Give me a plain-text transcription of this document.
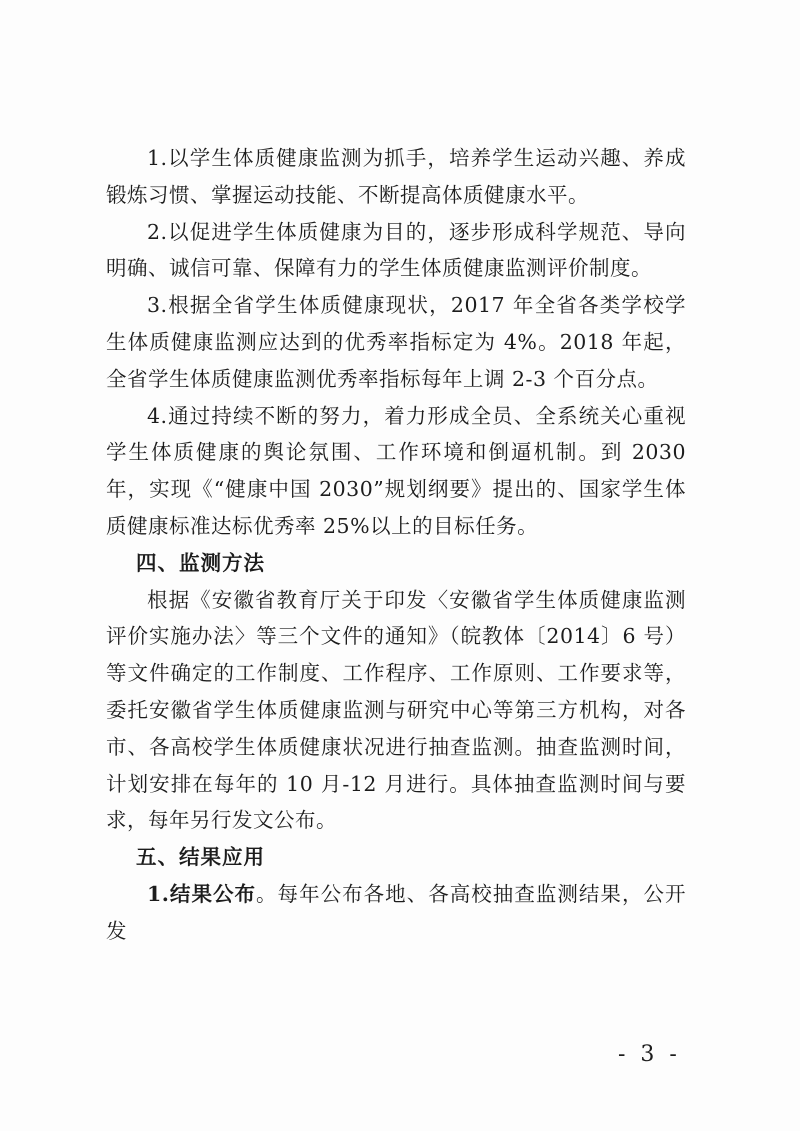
1.以学生体质健康监测为抓手，培养学生运动兴趣、养成锻炼习惯、掌握运动技能、不断提高体质健康水平。

2.以促进学生体质健康为目的，逐步形成科学规范、导向明确、诚信可靠、保障有力的学生体质健康监测评价制度。

3.根据全省学生体质健康现状，2017 年全省各类学校学生体质健康监测应达到的优秀率指标定为 4%。2018 年起，全省学生体质健康监测优秀率指标每年上调 2-3 个百分点。

4.通过持续不断的努力，着力形成全员、全系统关心重视学生体质健康的舆论氛围、工作环境和倒逼机制。到 2030 年，实现《“健康中国 2030”规划纲要》提出的、国家学生体质健康标准达标优秀率 25%以上的目标任务。

四、监测方法

根据《安徽省教育厅关于印发〈安徽省学生体质健康监测评价实施办法〉等三个文件的通知》（皖教体〔2014〕6 号）等文件确定的工作制度、工作程序、工作原则、工作要求等，委托安徽省学生体质健康监测与研究中心等第三方机构，对各市、各高校学生体质健康状况进行抽查监测。抽查监测时间，计划安排在每年的 10 月-12 月进行。具体抽查监测时间与要求，每年另行发文公布。

五、结果应用

1.结果公布。每年公布各地、各高校抽查监测结果，公开发

- 3 -
